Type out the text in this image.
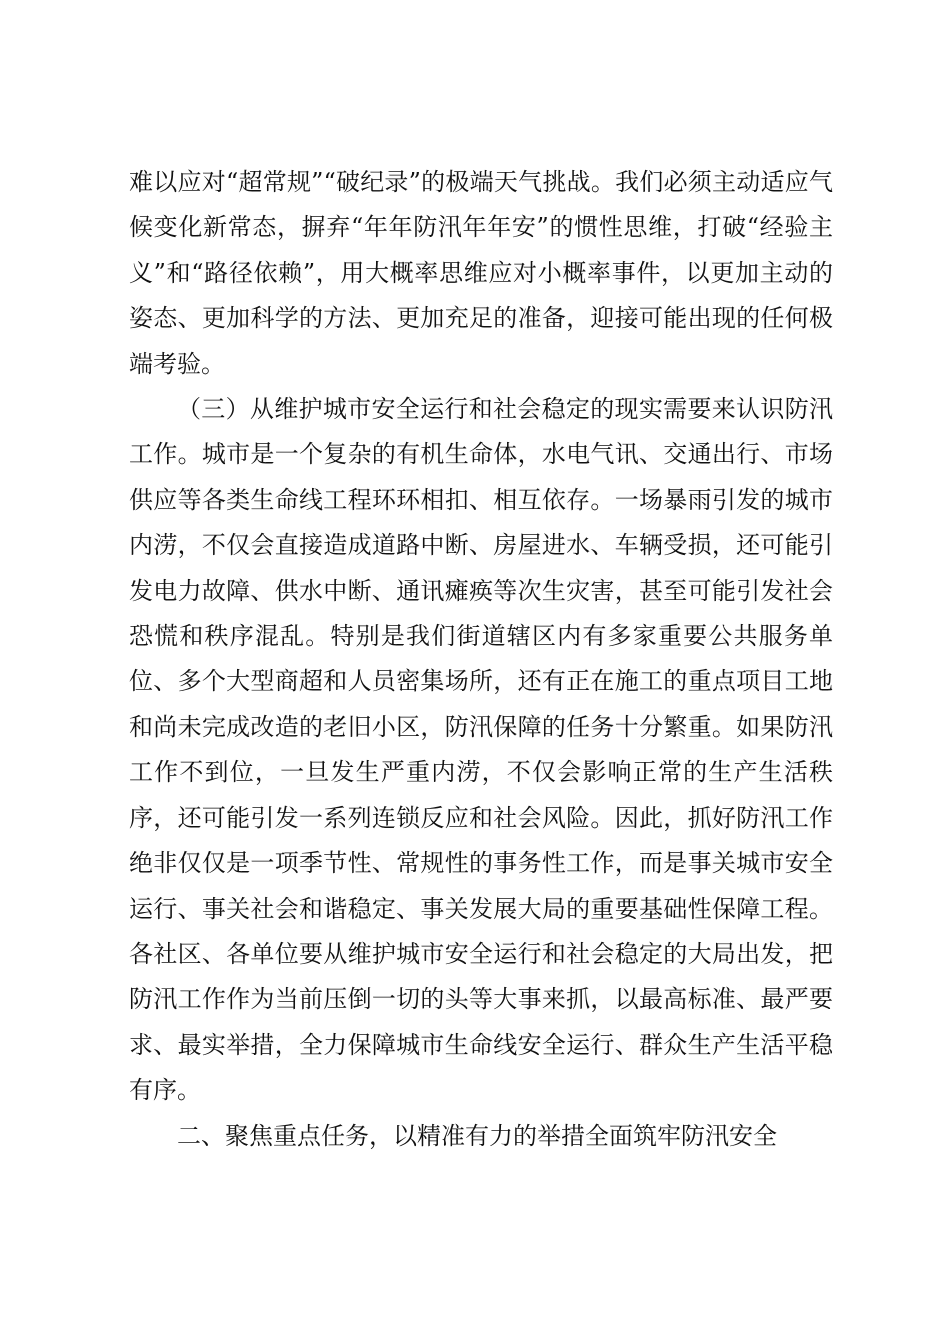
难以应对“超常规”“破纪录”的极端天气挑战。我们必须主动适应气候变化新常态，摒弃“年年防汛年年安”的惯性思维，打破“经验主义”和“路径依赖”，用大概率思维应对小概率事件，以更加主动的姿态、更加科学的方法、更加充足的准备，迎接可能出现的任何极端考验。

（三）从维护城市安全运行和社会稳定的现实需要来认识防汛工作。城市是一个复杂的有机生命体，水电气讯、交通出行、市场供应等各类生命线工程环环相扣、相互依存。一场暴雨引发的城市内涝，不仅会直接造成道路中断、房屋进水、车辆受损，还可能引发电力故障、供水中断、通讯瘫痪等次生灾害，甚至可能引发社会恐慌和秩序混乱。特别是我们街道辖区内有多家重要公共服务单位、多个大型商超和人员密集场所，还有正在施工的重点项目工地和尚未完成改造的老旧小区，防汛保障的任务十分繁重。如果防汛工作不到位，一旦发生严重内涝，不仅会影响正常的生产生活秩序，还可能引发一系列连锁反应和社会风险。因此，抓好防汛工作绝非仅仅是一项季节性、常规性的事务性工作，而是事关城市安全运行、事关社会和谐稳定、事关发展大局的重要基础性保障工程。各社区、各单位要从维护城市安全运行和社会稳定的大局出发，把防汛工作作为当前压倒一切的头等大事来抓，以最高标准、最严要求、最实举措，全力保障城市生命线安全运行、群众生产生活平稳有序。

二、聚焦重点任务，以精准有力的举措全面筑牢防汛安全
